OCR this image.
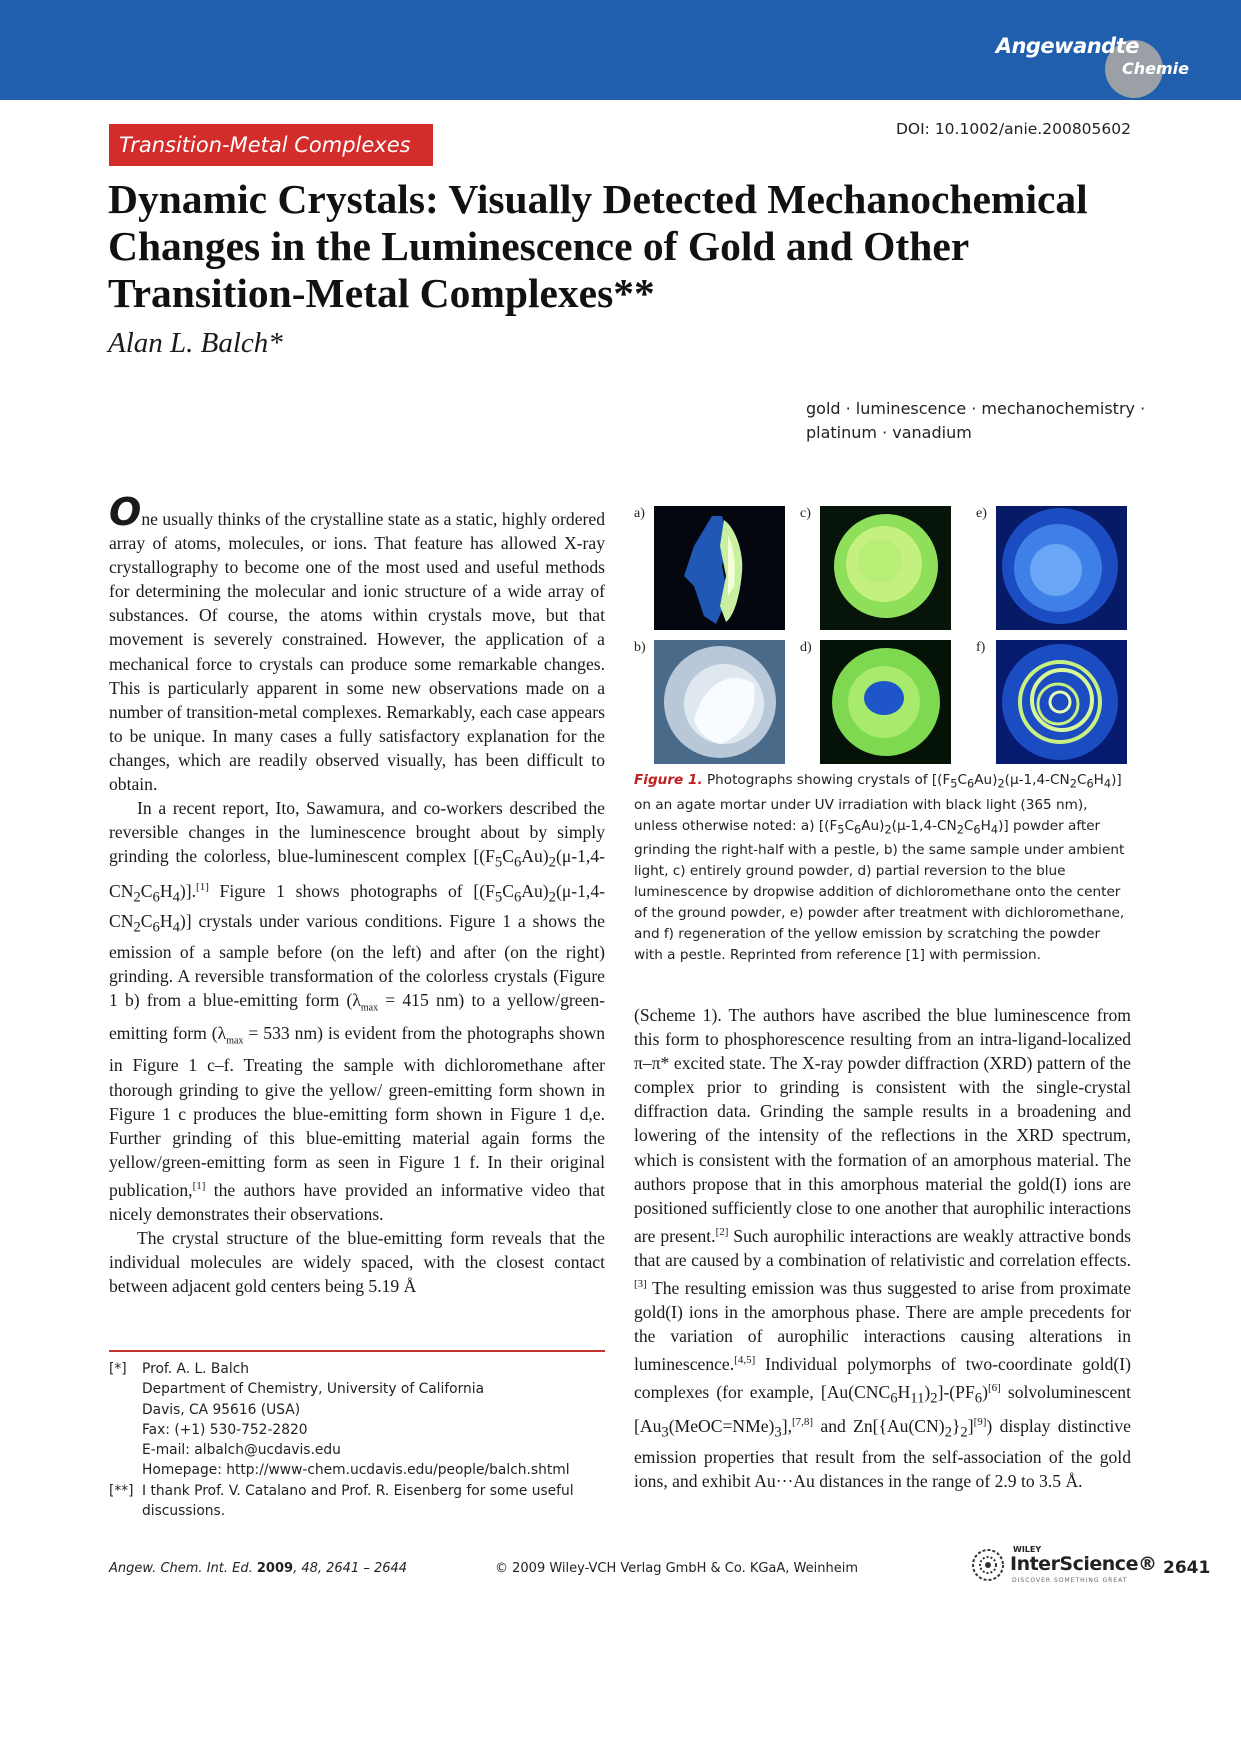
Angewandte
Chemie
Transition-Metal Complexes
DOI: 10.1002/anie.200805602
Dynamic Crystals: Visually Detected Mechanochemical Changes in the Luminescence of Gold and Other Transition-Metal Complexes**
Alan L. Balch*
gold · luminescence · mechanochemistry ·
platinum · vanadium

One usually thinks of the crystalline state as a static, highly ordered array of atoms, molecules, or ions. That feature has allowed X-ray crystallography to become one of the most used and useful methods for determining the molecular and ionic structure of a wide array of substances. Of course, the atoms within crystals move, but that movement is severely constrained. However, the application of a mechanical force to crystals can produce some remarkable changes. This is particularly apparent in some new observations made on a number of transition-metal complexes. Remarkably, each case appears to be unique. In many cases a fully satisfactory explanation for the changes, which are readily observed visually, has been difficult to obtain.

In a recent report, Ito, Sawamura, and co-workers described the reversible changes in the luminescence brought about by simply grinding the colorless, blue-luminescent complex $[(F_5C_6Au)_2(\mu-1,4-CN_2C_6H_4)].[1]$ Figure 1 shows photographs of $[(F_5C_6Au)_2(\mu-1,4-CN_2C_6H_4)]$ crystals under various conditions. Figure 1 a shows the emission of a sample before (on the left) and after (on the right) grinding. A reversible transformation of the colorless crystals (Figure 1 b) from a blue-emitting form ($\lambda_{max} = 415$ nm) to a yellow/green-emitting form ($\lambda_{max} = 533$ nm) is evident from the photographs shown in Figure 1 c–f. Treating the sample with dichloromethane after thorough grinding to give the yellow/ green-emitting form shown in Figure 1 c produces the blue-emitting form shown in Figure 1 d,e. Further grinding of this blue-emitting material again forms the yellow/green-emitting form as seen in Figure 1 f. In their original publication,[1] the authors have provided an informative video that nicely demonstrates their observations.

The crystal structure of the blue-emitting form reveals that the individual molecules are widely spaced, with the closest contact between adjacent gold centers being 5.19 Å

a)	c)	e)
b)	d)	f)
Figure 1. Photographs showing crystals of $[(F_5C_6Au)_2(\mu-1,4-CN_2C_6H_4)]$ on an agate mortar under UV irradiation with black light (365 nm), unless otherwise noted: a) $[(F_5C_6Au)_2(\mu-1,4-CN_2C_6H_4)]$ powder after grinding the right-half with a pestle, b) the same sample under ambient light, c) entirely ground powder, d) partial reversion to the blue luminescence by dropwise addition of dichloromethane onto the center of the ground powder, e) powder after treatment with dichloromethane, and f) regeneration of the yellow emission by scratching the powder with a pestle. Reprinted from reference [1] with permission.

(Scheme 1). The authors have ascribed the blue luminescence from this form to phosphorescence resulting from an intra-ligand-localized π–π* excited state. The X-ray powder diffraction (XRD) pattern of the complex prior to grinding is consistent with the single-crystal diffraction data. Grinding the sample results in a broadening and lowering of the intensity of the reflections in the XRD spectrum, which is consistent with the formation of an amorphous material. The authors propose that in this amorphous material the gold(I) ions are positioned sufficiently close to one another that aurophilic interactions are present.[2] Such aurophilic interactions are weakly attractive bonds that are caused by a combination of relativistic and correlation effects.[3] The resulting emission was thus suggested to arise from proximate gold(I) ions in the amorphous phase. There are ample precedents for the variation of aurophilic interactions causing alterations in luminescence.[4,5] Individual polymorphs of two-coordinate gold(I) complexes (for example, $[Au(CNC_6H_{11})_2]-(PF_6)[6]$ solvoluminescent $[Au_3(MeOC=NMe)_3],[7,8]$ and $Zn[\{Au(CN)_2\}_2][9]$) display distinctive emission properties that result from the self-association of the gold ions, and exhibit Au···Au distances in the range of 2.9 to 3.5 Å.

[*]	Prof. A. L. Balch
Department of Chemistry, University of California
Davis, CA 95616 (USA)
Fax: (+1) 530-752-2820
E-mail: albalch@ucdavis.edu
Homepage: http://www-chem.ucdavis.edu/people/balch.shtml
[**] I thank Prof. V. Catalano and Prof. R. Eisenberg for some useful discussions.
Angew. Chem. Int. Ed. 2009, 48, 2641 – 2644	© 2009 Wiley-VCH Verlag GmbH & Co. KGaA, Weinheim
WILEY
InterScience®
DISCOVER SOMETHING GREAT
2641
